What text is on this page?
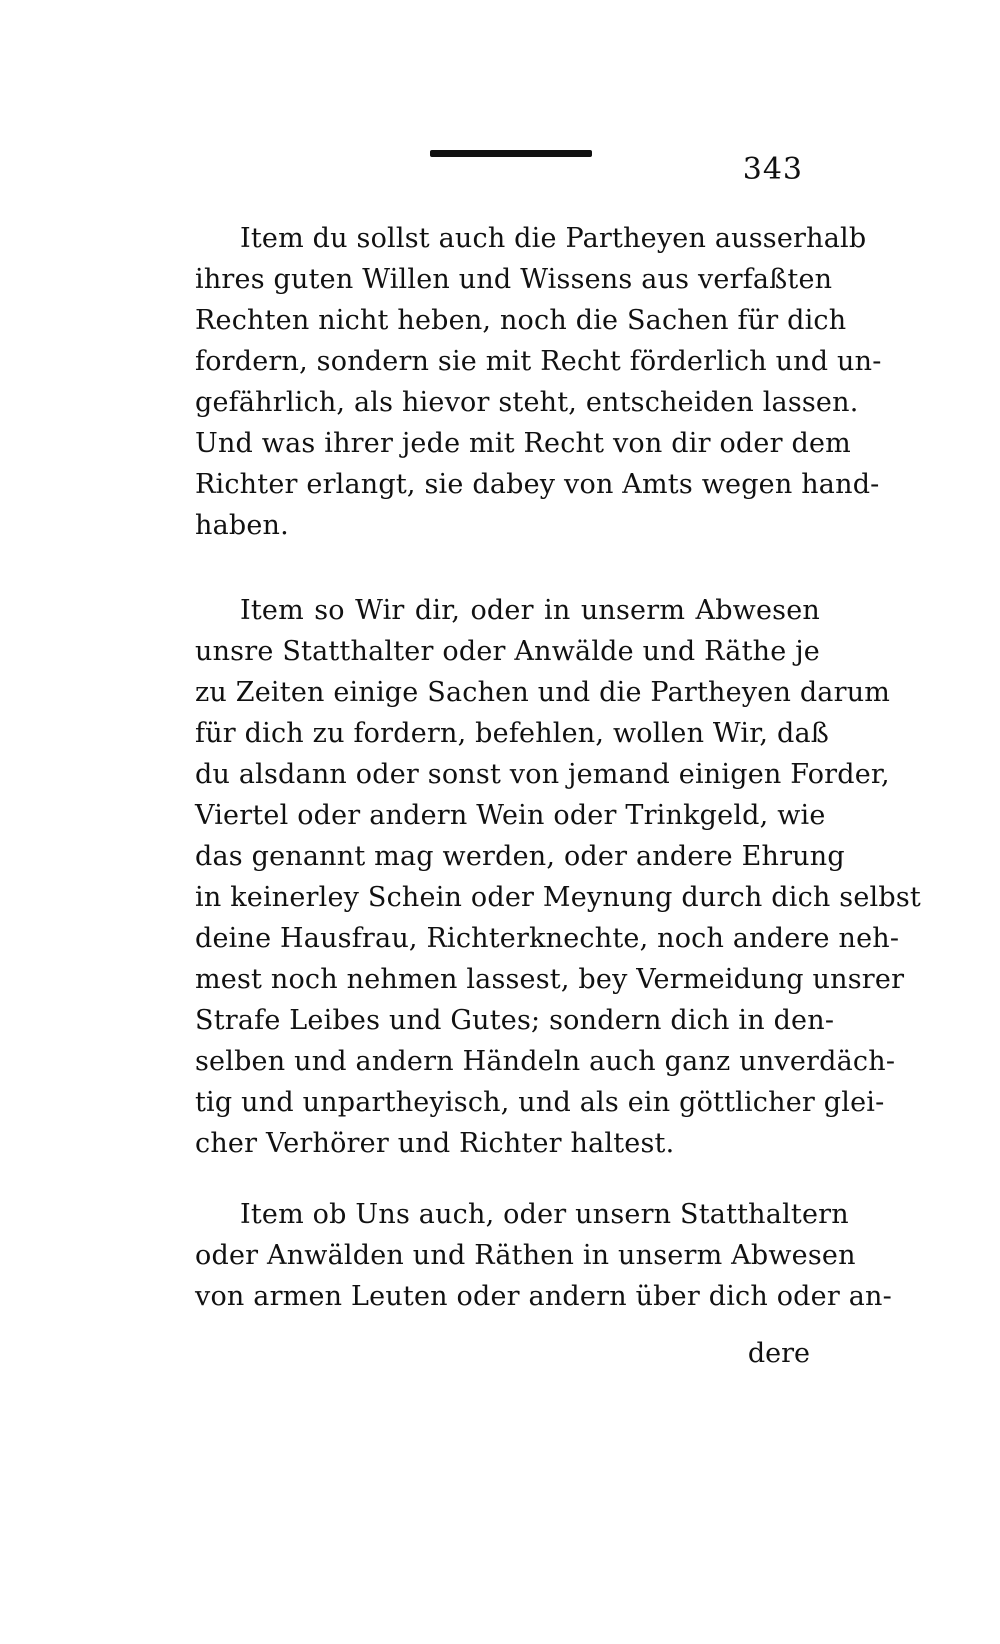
343
Item du sollst auch die Partheyen ausserhalb
ihres guten Willen und Wissens aus verfaßten
Rechten nicht heben, noch die Sachen für dich
fordern, sondern sie mit Recht förderlich und un-
gefährlich, als hievor steht, entscheiden lassen.
Und was ihrer jede mit Recht von dir oder dem
Richter erlangt, sie dabey von Amts wegen hand-
haben.
Item so Wir dir, oder in unserm Abwesen
unsre Statthalter oder Anwälde und Räthe je
zu Zeiten einige Sachen und die Partheyen darum
für dich zu fordern, befehlen, wollen Wir, daß
du alsdann oder sonst von jemand einigen Forder,
Viertel oder andern Wein oder Trinkgeld, wie
das genannt mag werden, oder andere Ehrung
in keinerley Schein oder Meynung durch dich selbst
deine Hausfrau, Richterknechte, noch andere neh-
mest noch nehmen lassest, bey Vermeidung unsrer
Strafe Leibes und Gutes; sondern dich in den-
selben und andern Händeln auch ganz unverdäch-
tig und unpartheyisch, und als ein göttlicher glei-
cher Verhörer und Richter haltest.
Item ob Uns auch, oder unsern Statthaltern
oder Anwälden und Räthen in unserm Abwesen
von armen Leuten oder andern über dich oder an-
dere
